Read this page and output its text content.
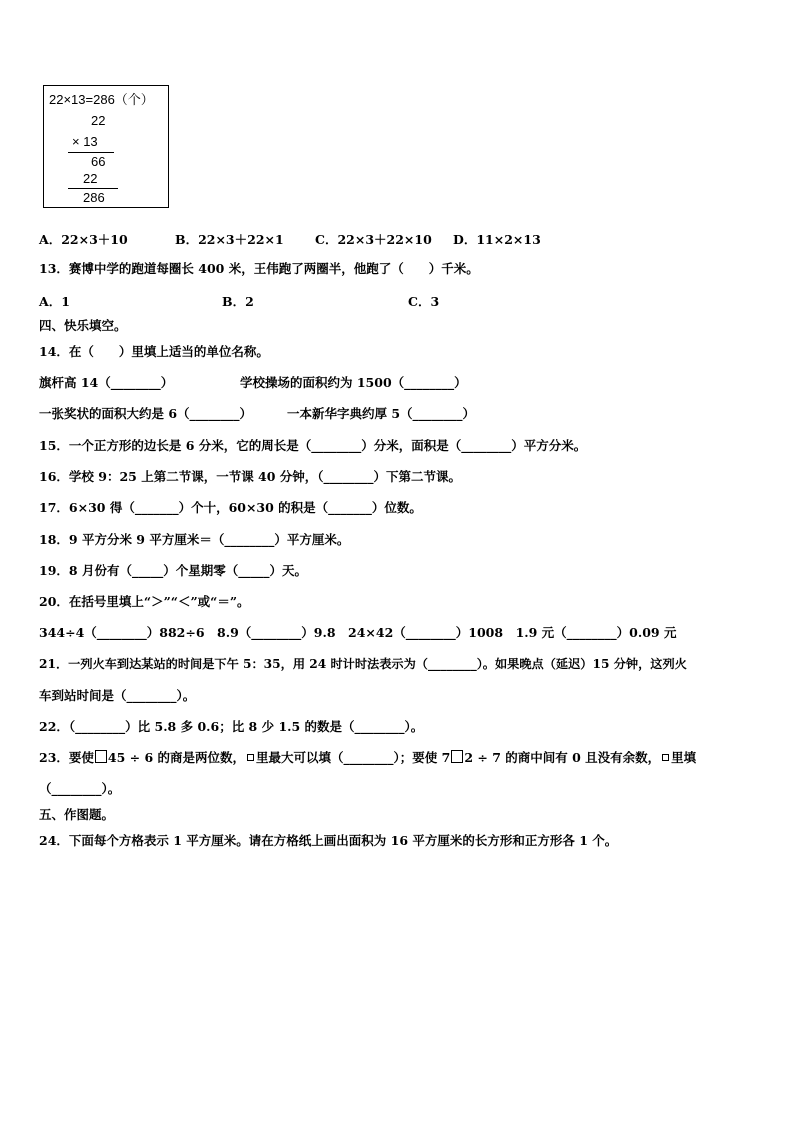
22×13=286（个）
22
× 13
66
22
286
A．22×3＋10	B．22×3＋22×1	C．22×3＋22×10 D．11×2×13
13．赛博中学的跑道每圈长 400 米，王伟跑了两圈半，他跑了（　　）千米。
A．1	B．2	C．3
四、快乐填空。
14．在（　　）里填上适当的单位名称。
旗杆高 14（________）	学校操场的面积约为 1500（________）
一张奖状的面积大约是 6（________）	一本新华字典约厚 5（________）
15．一个正方形的边长是 6 分米，它的周长是（________）分米，面积是（________）平方分米。
16．学校 9：25 上第二节课，一节课 40 分钟，（________）下第二节课。
17．6×30 得（_______）个十，60×30 的积是（_______）位数。
18．9 平方分米 9 平方厘米＝（________）平方厘米。
19．8 月份有（_____）个星期零（_____）天。
20．在括号里填上“＞”“＜”或“＝”。
344÷4（________）882÷6　8.9（________）9.8　24×42（________）1008　1.9 元（________）0.09 元
21．一列火车到达某站的时间是下午 5：35，用 24 时计时法表示为（________）。如果晚点（延迟）15 分钟，这列火
车到站时间是（________）。
22．（________）比 5.8 多 0.6；比 8 少 1.5 的数是（________）。
23．要使 45 ÷ 6 的商是两位数， 里最大可以填（________）；要使 7 2 ÷ 7 的商中间有 0 且没有余数， 里填
（________）。
五、作图题。
24．下面每个方格表示 1 平方厘米。请在方格纸上画出面积为 16 平方厘米的长方形和正方形各 1 个。
